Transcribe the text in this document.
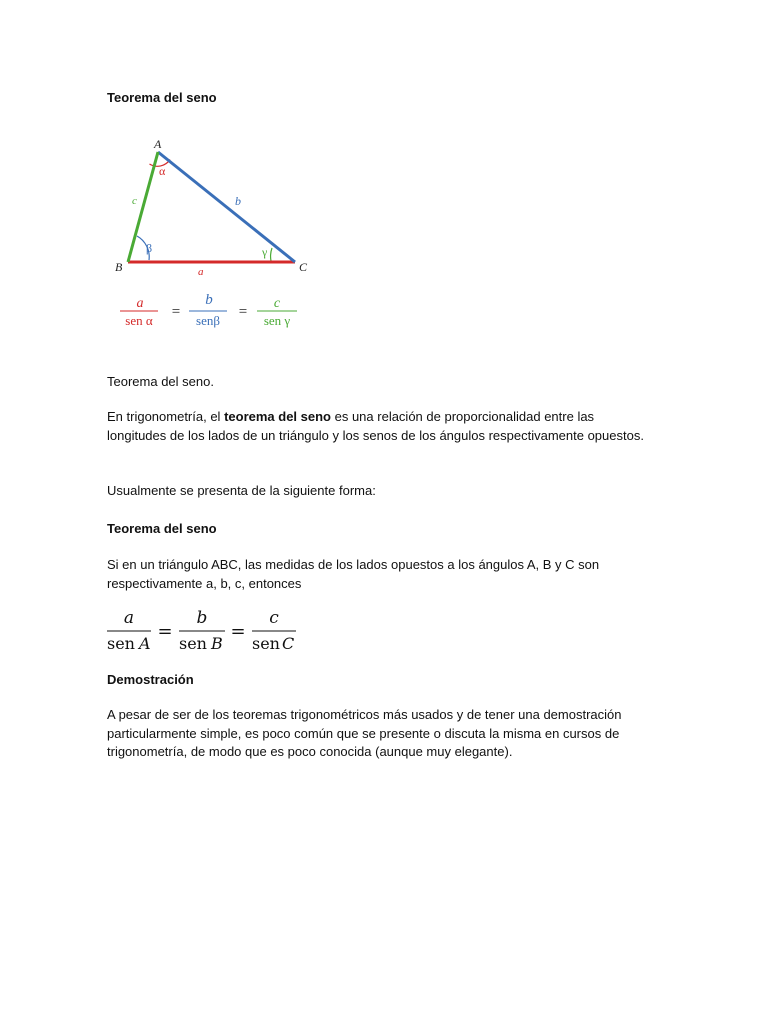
Teorema del seno

A
B	C
a
b
c
α
β	γ
a
sen α
=
b
senβ
=
c
sen γ

Teorema del seno.

En trigonometría, el teorema del seno es una relación de proporcionalidad entre las longitudes de los lados de un triángulo y los senos de los ángulos respectivamente opuestos.

Usualmente se presenta de la siguiente forma:

Teorema del seno

Si en un triángulo ABC, las medidas de los lados opuestos a los ángulos A, B y C son respectivamente a, b, c, entonces

a
sen A
=
b
sen B
=
c
sen C

Demostración

A pesar de ser de los teoremas trigonométricos más usados y de tener una demostración particularmente simple, es poco común que se presente o discuta la misma en cursos de trigonometría, de modo que es poco conocida (aunque muy elegante).
